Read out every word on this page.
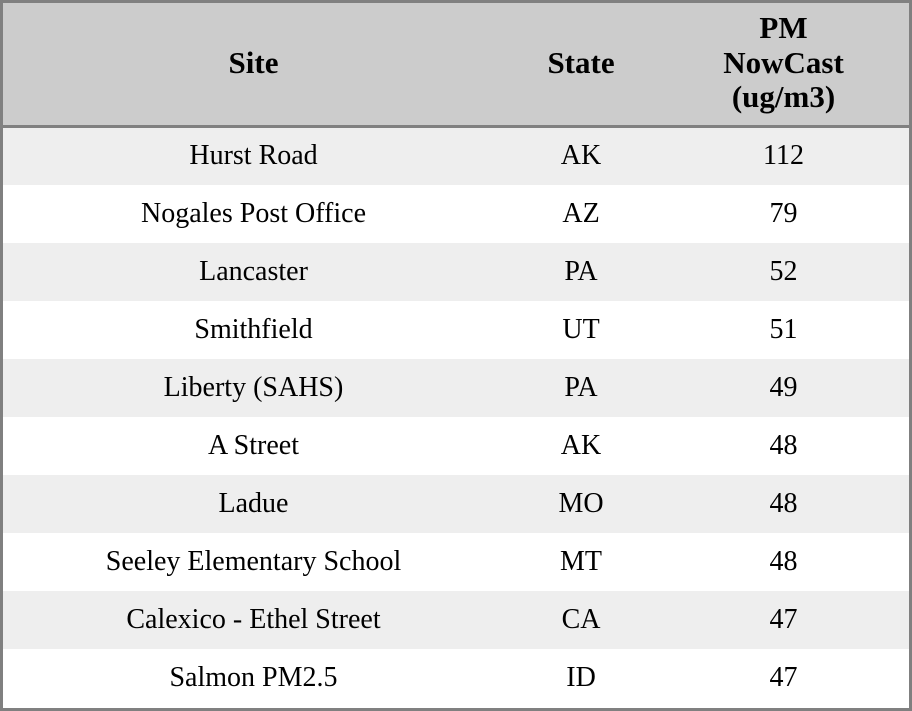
Site	State	PM
NowCast
(ug/m3)

Hurst Road	AK	112
Nogales Post Office	AZ	79
Lancaster	PA	52
Smithfield	UT	51
Liberty (SAHS)	PA	49
A Street	AK	48
Ladue	MO	48
Seeley Elementary School	MT	48
Calexico - Ethel Street	CA	47
Salmon PM2.5	ID	47
